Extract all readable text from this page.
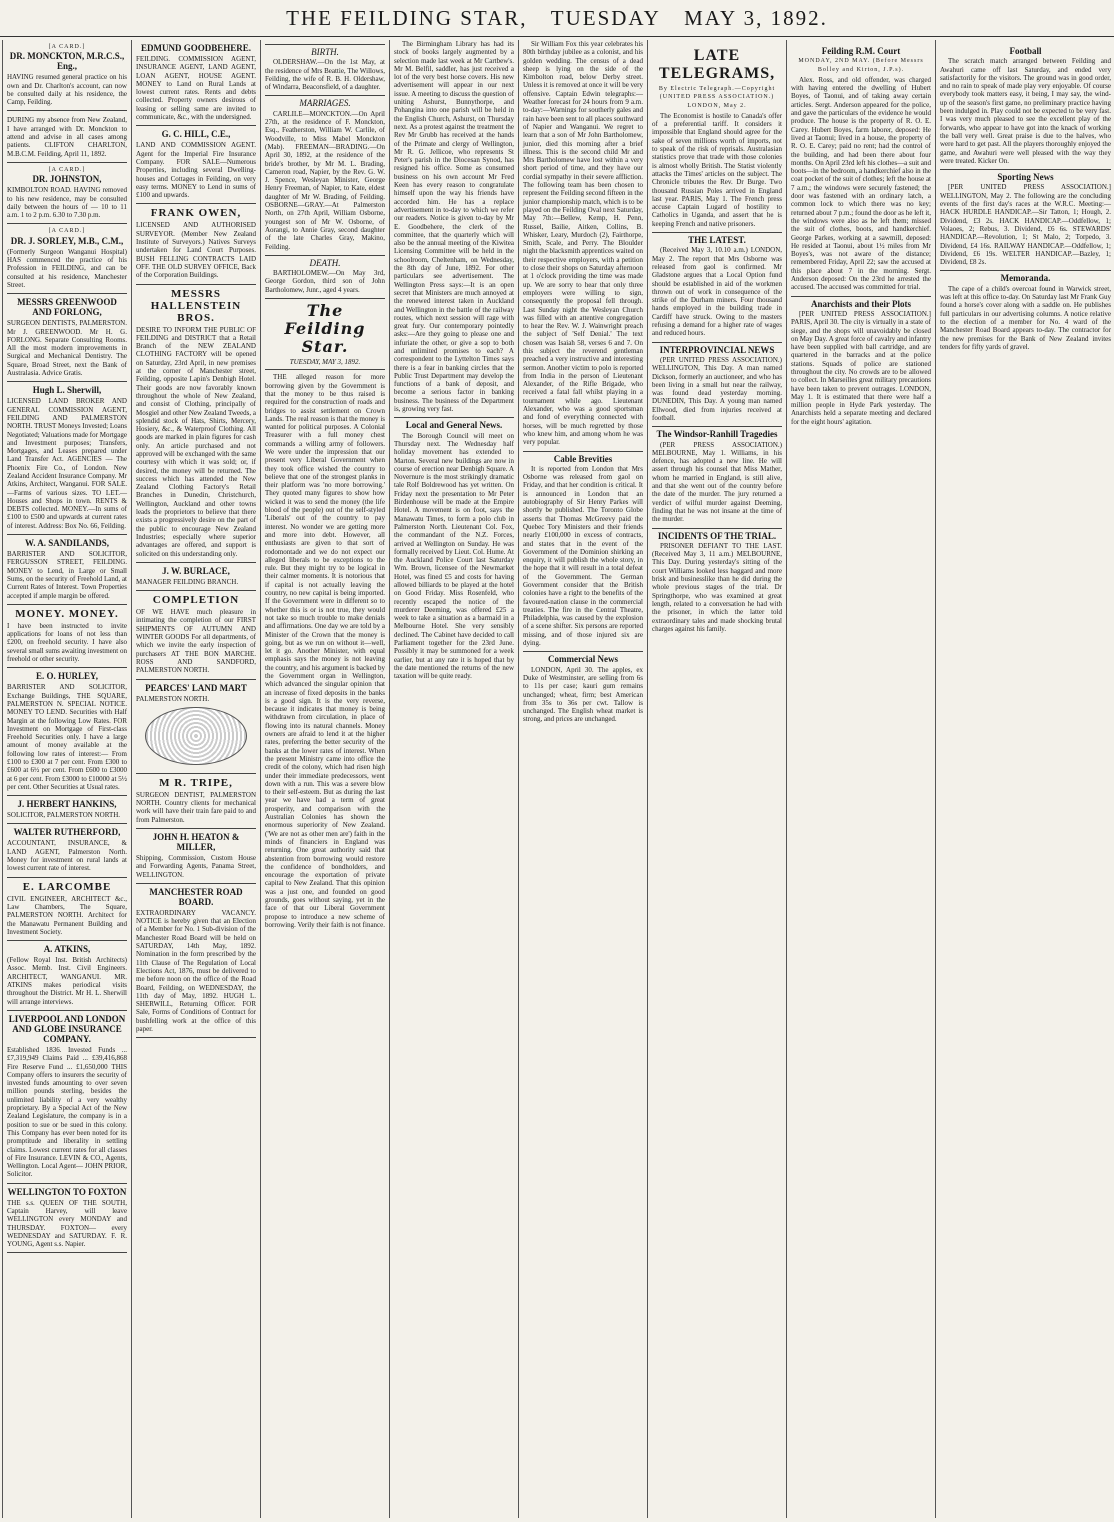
THE FEILDING STAR, TUESDAY MAY 3, 1892.
[A CARD.]
DR. MONCKTON, M.R.C.S., Eng.,
HAVING resumed general practice on his own and Dr. Charlton's account, can now be consulted daily at his residence, the Camp, Feilding.
DURING my absence from New Zealand, I have arranged with Dr. Monckton to attend and advise in all cases among patients. CLIFTON CHARLTON, M.B.C.M. Feilding, April 11, 1892.
[A CARD.]
DR. JOHNSTON,
KIMBOLTON ROAD. HAVING removed to his new residence, may be consulted daily between the hours of — 10 to 11 a.m. 1 to 2 p.m. 6.30 to 7.30 p.m.
[A CARD.]
DR. J. SORLEY, M.B., C.M.,
(Formerly Surgeon Wanganui Hospital) HAS commenced the practice of his Profession in FEILDING, and can be consulted at his residence, Manchester Street.
MESSRS GREENWOOD AND FORLONG,
SURGEON DENTISTS, PALMERSTON. Mr J. GREENWOOD. Mr H. G. FORLONG. Separate Consulting Rooms. All the most modern improvements in Surgical and Mechanical Dentistry. The Square, Broad Street, next the Bank of Australasia. Advice Gratis.
Hugh L. Sherwill,
LICENSED LAND BROKER AND GENERAL COMMISSION AGENT, FEILDING AND PALMERSTON NORTH. TRUST Moneys Invested; Loans Negotiated; Valuations made for Mortgage and Investment purposes; Transfers, Mortgages, and Leases prepared under Land Transfer Act. AGENCIES — The Phoenix Fire Co., of London. New Zealand Accident Insurance Company. Mr Atkins, Architect, Wanganui. FOR SALE.—Farms of various sizes. TO LET.—Houses and Shops in town. RENTS & DEBTS collected. MONEY.—In sums of £100 to £500 and upwards at current rates of interest. Address: Box No. 66, Feilding.
W. A. SANDILANDS,
BARRISTER AND SOLICITOR, FERGUSSON STREET, FEILDING. MONEY to Lend, in Large or Small Sums, on the security of Freehold Land, at Current Rates of Interest. Town Properties accepted if ample margin be offered.
MONEY. MONEY.
I have been instructed to invite applications for loans of not less than £200, on freehold security. I have also several small sums awaiting investment on freehold or other security.
E. O. HURLEY,
BARRISTER AND SOLICITOR, Exchange Buildings, THE SQUARE, PALMERSTON N. SPECIAL NOTICE. MONEY TO LEND. Securities with Half Margin at the following Low Rates. FOR Investment on Mortgage of First-class Freehold Securities only. I have a large amount of money available at the following low rates of interest:— From £100 to £300 at 7 per cent. From £300 to £600 at 6½ per cent. From £600 to £3000 at 6 per cent. From £3000 to £10000 at 5½ per cent. Other Securities at Usual rates.
J. HERBERT HANKINS,
SOLICITOR, PALMERSTON NORTH.
WALTER RUTHERFORD,
ACCOUNTANT, INSURANCE, & LAND AGENT, Palmerston North. Money for investment on rural lands at lowest current rate of interest.
E. LARCOMBE
CIVIL ENGINEER, ARCHITECT &c., Law Chambers, The Square, PALMERSTON NORTH. Architect for the Manawatu Permanent Building and Investment Society.
A. ATKINS,
(Fellow Royal Inst. British Architects) Assoc. Memb. Inst. Civil Engineers. ARCHITECT, WANGANUI. MR. ATKINS makes periodical visits throughout the District. Mr H. L. Sherwill will arrange interviews.
LIVERPOOL AND LONDON AND GLOBE INSURANCE COMPANY.
Established 1836. Invested Funds ... £7,319,949 Claims Paid ... £39,416,868 Fire Reserve Fund ... £1,650,000 THIS Company offers to insurers the security of invested funds amounting to over seven million pounds sterling, besides the unlimited liability of a very wealthy proprietary. By a Special Act of the New Zealand Legislature, the company is in a position to sue or be sued in this colony. This Company has ever been noted for its promptitude and liberality in settling claims. Lowest current rates for all classes of Fire Insurance. LEVIN & CO., Agents, Wellington. Local Agent— JOHN PRIOR, Solicitor.
WELLINGTON TO FOXTON
THE s.s. QUEEN OF THE SOUTH, Captain Harvey, will leave WELLINGTON every MONDAY and THURSDAY. FOXTON— every WEDNESDAY and SATURDAY. F. R. YOUNG, Agent s.s. Napier.
EDMUND GOODBEHERE.
FEILDING. COMMISSION AGENT, INSURANCE AGENT, LAND AGENT, LOAN AGENT, HOUSE AGENT. MONEY to Land on Rural Lands at lowest current rates. Rents and debts collected. Property owners desirous of leasing or selling same are invited to communicate, &c., with the undersigned.
G. C. HILL, C.E.,
LAND AND COMMISSION AGENT. Agent for the Imperial Fire Insurance Company. FOR SALE—Numerous Properties, including several Dwelling-houses and Cottages in Feilding, on very easy terms. MONEY to Lend in sums of £100 and upwards.
FRANK OWEN,
LICENSED AND AUTHORISED SURVEYOR. (Member New Zealand Institute of Surveyors.) Natives Surveys undertaken for Land Court Purposes. BUSH FELLING CONTRACTS LAID OFF. THE OLD SURVEY OFFICE, Back of the Corporation Buildings.
MESSRS HALLENSTEIN BROS.
DESIRE TO INFORM THE PUBLIC OF FEILDING and DISTRICT that a Retail Branch of the NEW ZEALAND CLOTHING FACTORY will be opened on Saturday, 23rd April, in new premises at the corner of Manchester street, Feilding, opposite Lapin's Denbigh Hotel. Their goods are now favorably known throughout the whole of New Zealand, and consist of Clothing, principally of Mosgiel and other New Zealand Tweeds, a splendid stock of Hats, Shirts, Mercery, Hosiery, &c., & Waterproof Clothing. All goods are marked in plain figures for cash only. An article purchased and not approved will be exchanged with the same courtesy with which it was sold; or, if desired, the money will be returned. The success which has attended the New Zealand Clothing Factory's Retail Branches in Dunedin, Christchurch, Wellington, Auckland and other towns leads the proprietors to believe that there exists a progressively desire on the part of the public to encourage New Zealand Industries; especially where superior advantages are offered, and support is solicited on this understanding only.
J. W. BURLACE,
MANAGER FEILDING BRANCH.
COMPLETION
OF WE HAVE much pleasure in intimating the completion of our FIRST SHIPMENTS OF AUTUMN AND WINTER GOODS For all departments, of which we invite the early inspection of purchasers AT THE BON MARCHE. ROSS AND SANDFORD, PALMERSTON NORTH.
PEARCES' LAND MART
PALMERSTON NORTH.
M R. TRIPE,
SURGEON DENTIST, PALMERSTON NORTH. Country clients for mechanical work will have their train fare paid to and from Palmerston.
JOHN H. HEATON & MILLER,
Shipping, Commission, Custom House and Forwarding Agents, Panama Street, WELLINGTON.
MANCHESTER ROAD BOARD.
EXTRAORDINARY VACANCY. NOTICE is hereby given that an Election of a Member for No. 1 Sub-division of the Manchester Road Board will be held on SATURDAY, 14th May, 1892. Nomination in the form prescribed by the 11th Clause of The Regulation of Local Elections Act, 1876, must be delivered to me before noon on the office of the Road Board, Feilding, on WEDNESDAY, the 11th day of May, 1892. HUGH L. SHERWILL, Returning Officer. FOR Sale, Forms of Conditions of Contract for bushfelling work at the office of this paper.
BIRTH.
OLDERSHAW.—On the 1st May, at the residence of Mrs Beattie, The Willows, Feilding, the wife of R. B. H. Oldershaw, of Windarra, Beaconsfield, of a daughter.
MARRIAGES.
CARLILE—MONCKTON.—On April 27th, at the residence of F. Monckton, Esq., Featherston, William W. Carlile, of Woodville, to Miss Mabel Monckton (Mab). FREEMAN—BRADING.—On April 30, 1892, at the residence of the bride's brother, by Mr M. L. Brading, Cameron road, Napier, by the Rev. G. W. J. Spence, Wesleyan Minister, George Henry Freeman, of Napier, to Kate, eldest daughter of Mr W. Brading, of Feilding. OSBORNE—GRAY.—At Palmerston North, on 27th April, William Osborne, youngest son of Mr W. Osborne, of Aorangi, to Annie Gray, second daughter of the late Charles Gray, Makino, Feilding.
DEATH.
BARTHOLOMEW.—On May 3rd, George Gordon, third son of John Bartholomew, Junr., aged 4 years.
The Feilding Star.
TUESDAY, MAY 3, 1892.
THE alleged reason for more borrowing given by the Government is that the money to be thus raised is required for the construction of roads and bridges to assist settlement on Crown Lands. The real reason is that the money is wanted for political purposes. A Colonial Treasurer with a full money chest commands a willing army of followers. We were under the impression that our present very Liberal Government when they took office wished the country to believe that one of the strongest planks in their platform was 'no more borrowing.' They quoted many figures to show how wicked it was to send the money (the life blood of the people) out of the self-styled 'Liberals' out of the country to pay interest. No wonder we are getting more and more into debt. However, all enthusiasts are given to that sort of rodomontade and we do not expect our alleged liberals to be exceptions to the rule. But they might try to be logical in their calmer moments. It is notorious that if capital is not actually leaving the country, no new capital is being imported. If the Government were in different so to whether this is or is not true, they would not take so much trouble to make denials and affirmations. One day we are told by a Minister of the Crown that the money is going, but as we run on without it—well, let it go. Another Minister, with equal emphasis says the money is not leaving the country, and his argument is backed by the Government organ in Wellington, which advanced the singular opinion that an increase of fixed deposits in the banks is a good sign. It is the very reverse, because it indicates that money is being withdrawn from circulation, in place of flowing into its natural channels. Money owners are afraid to lend it at the higher rates, preferring the better security of the banks at the lower rates of interest. When the present Ministry came into office the credit of the colony, which had risen high under their immediate predecessors, went down with a run. This was a severe blow to their self-esteem. But as during the last year we have had a term of great prosperity, and comparison with the Australian Colonies has shown the enormous superiority of New Zealand. ('We are not as other men are') faith in the minds of financiers in England was returning. One great authority said that abstention from borrowing would restore the confidence of bondholders, and encourage the exportation of private capital to New Zealand. That this opinion was a just one, and founded on good grounds, goes without saying, yet in the face of that our Liberal Government propose to introduce a new scheme of borrowing. Verily their faith is not finance.
The Birmingham Library has had its stock of books largely augmented by a selection made last week at Mr Cartbew's. Mr M. Belfil, saddler, has just received a lot of the very best horse covers. His new advertisement will appear in our next issue. A meeting to discuss the question of uniting Ashurst, Bunnythorpe, and Pohangina into one parish will be held in the English Church, Ashurst, on Thursday next. As a protest against the treatment the Rev Mr Grubb has received at the hands of the Primate and clergy of Wellington, Mr R. G. Jellicoe, who represents St Peter's parish in the Diocesan Synod, has resigned his office. Some as consumed business on his own account Mr Fred Keen has every reason to congratulate himself upon the way his friends have accorded him. He has a replace advertisement in to-day to which we refer our readers. Notice is given to-day by Mr E. Goodbehere, the clerk of the committee, that the quarterly which will also be the annual meeting of the Kiwitea Licensing Committee will be held in the schoolroom, Cheltenham, on Wednesday, the 8th day of June, 1892. For other particulars see advertisement. The Wellington Press says:—It is an open secret that Ministers are much annoyed at the renewed interest taken in Auckland and Wellington in the battle of the railway routes, which next session will rage with great fury. Our contemporary pointedly asks:—Are they going to please one and infuriate the other, or give a sop to both and unlimited promises to each? A correspondent to the Lyttelton Times says there is a fear in banking circles that the Public Trust Department may develop the functions of a bank of deposit, and become a serious factor in banking business. The business of the Department is, growing very fast.
Local and General News.
The Borough Council will meet on Thursday next. The Wednesday half holiday movement has extended to Marton. Several new buildings are now in course of erection near Denbigh Square. A Novernure is the most strikingly dramatic tale Rolf Boldrewood has yet written. On Friday next the presentation to Mr Peter Birdenhouse will be made at the Empire Hotel. A movement is on foot, says the Manawatu Times, to form a polo club in Palmerston North. Lieutenant Col. Fox, the commandant of the N.Z. Forces, arrived at Wellington on Sunday. He was formally received by Lieut. Col. Hume. At the Auckland Police Court last Saturday Wm. Brown, licensee of the Newmarket Hotel, was fined £5 and costs for having allowed billiards to be played at the hotel on Good Friday. Miss Rosenfeld, who recently escaped the notice of the murderer Deeming, was offered £25 a week to take a situation as a barmaid in a Melbourne Hotel. She very sensibly declined. The Cabinet have decided to call Parliament together for the 23rd June. Possibly it may be summoned for a week earlier, but at any rate it is hoped that by the date mentioned the returns of the new taxation will be quite ready.
Sir William Fox this year celebrates his 80th birthday jubilee as a colonist, and his golden wedding. The census of a dead sheep is lying on the side of the Kimbolton road, below Derby street. Unless it is removed at once it will be very offensive. Captain Edwin telegraphs:—Weather forecast for 24 hours from 9 a.m. to-day:—Warnings for southerly gales and rain have been sent to all places southward of Napier and Wanganui. We regret to learn that a son of Mr John Bartholomew, junior, died this morning after a brief illness. This is the second child Mr and Mrs Bartholomew have lost within a very short period of time, and they have our cordial sympathy in their severe affliction. The following team has been chosen to represent the Feilding second fifteen in the junior championship match, which is to be played on the Feilding Oval next Saturday, May 7th:—Bellew, Kemp, H. Penn, Russel, Bailie, Aitken, Collins, B. Whisker, Leary, Murdoch (2), Fairthorpe, Smith, Scale, and Perry. The Bloulder night the blacksmith apprentices waited on their respective employers, with a petition to close their shops on Saturday afternoon at 1 o'clock providing the time was made up. We are sorry to hear that only three employers were willing to sign, consequently the proposal fell through. Last Sunday night the Wesleyan Church was filled with an attentive congregation to hear the Rev. W. J. Wainwright preach the subject of 'Self Denial.' The text chosen was Isaiah 58, verses 6 and 7. On this subject the reverend gentleman preached a very instructive and interesting sermon. Another victim to polo is reported from India in the person of Lieutenant Alexander, of the Rifle Brigade, who received a fatal fall whilst playing in a tournament while ago. Lieutenant Alexander, who was a good sportsman and fond of everything connected with horses, will be much regretted by those who knew him, and among whom he was very popular.
Cable Brevities
It is reported from London that Mrs Osborne was released from gaol on Friday, and that her condition is critical. It is announced in London that an autobiography of Sir Henry Parkes will shortly be published. The Toronto Globe asserts that Thomas McGreevy paid the Quebec Tory Ministers and their friends nearly £100,000 in excess of contracts, and states that in the event of the Government of the Dominion shirking an enquiry, it will publish the whole story, in the hope that it will result in a total defeat of the Government. The German Government consider that the British colonies have a right to the benefits of the favoured-nation clause in the commercial treaties. The fire in the Central Theatre, Philadelphia, was caused by the explosion of a scene shifter. Six persons are reported missing, and of those injured six are dying.
Commercial News
LONDON, April 30. The apples, ex Duke of Westminster, are selling from 6s to 11s per case; kauri gum remains unchanged; wheat, firm; best American from 35s to 36s per cwt. Tallow is unchanged. The English wheat market is strong, and prices are unchanged.
LATE TELEGRAMS,
By Electric Telegraph.—Copyright (UNITED PRESS ASSOCIATION.) LONDON, May 2.
The Economist is hostile to Canada's offer of a preferential tariff. It considers it impossible that England should agree for the sake of seven millions worth of imports, not to speak of the risk of reprisals. Australasian statistics prove that trade with those colonies is almost wholly British. The Statist violently attacks the Times' articles on the subject. The Chronicle tributes the Rev. Dr Burge. Two thousand Russian Poles arrived in England last year. PARIS, May 1. The French press accuse Captain Lugard of hostility to Catholics in Uganda, and assert that he is keeping French and native prisoners.
THE LATEST.
(Received May 3, 10.10 a.m.) LONDON, May 2. The report that Mrs Osborne was released from gaol is confirmed. Mr Gladstone argues that a Local Option fund should be established in aid of the workmen thrown out of work in consequence of the strike of the Durham miners. Four thousand hands employed in the building trade in Cardiff have struck. Owing to the masters refusing a demand for a higher rate of wages and reduced hours.
INTERPROVINCIAL NEWS
(PER UNITED PRESS ASSOCIATION.) WELLINGTON, This Day. A man named Dickson, formerly an auctioneer, and who has been living in a small hut near the railway, was found dead yesterday morning. DUNEDIN, This Day. A young man named Ellwood, died from injuries received at football.
The Windsor-Ranhill Tragedies
(PER PRESS ASSOCIATION.) MELBOURNE, May 1. Williams, in his defence, has adopted a new line. He will assert through his counsel that Miss Mather, whom he married in England, is still alive, and that she went out of the country before the date of the murder. The jury returned a verdict of wilful murder against Deeming, finding that he was not insane at the time of the murder.
INCIDENTS OF THE TRIAL.
PRISONER DEFIANT TO THE LAST. (Received May 3, 11 a.m.) MELBOURNE, This Day. During yesterday's sitting of the court Williams looked less haggard and more brisk and businesslike than he did during the whole previous stages of the trial. Dr Springthorpe, who was examined at great length, related to a conversation he had with the prisoner, in which the latter told extraordinary tales and made shocking brutal charges against his family.
Feilding R.M. Court
MONDAY, 2ND MAY. (Before Messrs Bolley and Kirton, J.P.s).
Alex. Ross, and old offender, was charged with having entered the dwelling of Hubert Boyes, of Taonui, and of taking away certain articles. Sergt. Anderson appeared for the police, and gave the particulars of the evidence he would produce. The house is the property of R. O. E. Carey. Hubert Boyes, farm laborer, deposed: He lived at Taonui; lived in a house, the property of R. O. E. Carey; paid no rent; had the control of the building, and had been there about four months. On April 23rd left his clothes—a suit and boots—in the bedroom, a handkerchief also in the coat pocket of the suit of clothes; left the house at 7 a.m.; the windows were securely fastened; the door was fastened with an ordinary latch, a common lock to which there was no key; returned about 7 p.m.; found the door as he left it, the windows were also as he left them; missed the suit of clothes, boots, and handkerchief. George Parkes, working at a sawmill, deposed: He resided at Taonui, about 1½ miles from Mr Boyes's, was not aware of the distance; remembered Friday, April 22; saw the accused at this place about 7 in the morning. Sergt. Anderson deposed: On the 23rd he arrested the accused. The accused was committed for trial.
Anarchists and their Plots
[PER UNITED PRESS ASSOCIATION.] PARIS, April 30. The city is virtually in a state of siege, and the shops will unavoidably be closed on May Day. A great force of cavalry and infantry have been supplied with ball cartridge, and are quartered in the barracks and at the police stations. Squads of police are stationed throughout the city. No crowds are to be allowed to collect. In Marseilles great military precautions have been taken to prevent outrages. LONDON, May 1. It is estimated that there were half a million people in Hyde Park yesterday. The Anarchists held a separate meeting and declared for the eight hours' agitation.
Football
The scratch match arranged between Feilding and Awahuri came off last Saturday, and ended very satisfactorily for the visitors. The ground was in good order, and no rain to speak of made play very enjoyable. Of course everybody took matters easy, it being, I may say, the wind-up of the season's first game, no preliminary practice having been indulged in. Play could not be expected to be very fast. I was very much pleased to see the excellent play of the forwards, who appear to have got into the knack of working the ball very well. Great praise is due to the halves, who were hard to get past. All the players thoroughly enjoyed the game, and Awahuri were well pleased with the way they were treated. Kicker On.
Sporting News
[PER UNITED PRESS ASSOCIATION.] WELLINGTON, May 2. The following are the concluding events of the first day's races at the W.R.C. Meeting:— HACK HURDLE HANDICAP.—Sir Tatton, 1; Hough, 2. Dividend, £3 2s. HACK HANDICAP.—Oddfellow, 1; Volaoes, 2; Rebus, 3. Dividend, £6 6s. STEWARDS' HANDICAP.—Revolution, 1; St Malo, 2; Torpedo, 3. Dividend, £4 16s. RAILWAY HANDICAP.—Oddfellow, 1; Dividend, £6 19s. WELTER HANDICAP.—Bazley, 1; Dividend, £8 2s.
Memoranda.
The cape of a child's overcoat found in Warwick street, was left at this office to-day. On Saturday last Mr Frank Guy found a horse's cover along with a saddle on. He publishes full particulars in our advertising columns. A notice relative to the election of a member for No. 4 ward of the Manchester Road Board appears to-day. The contractor for the new premises for the Bank of New Zealand invites tenders for fifty yards of gravel.
